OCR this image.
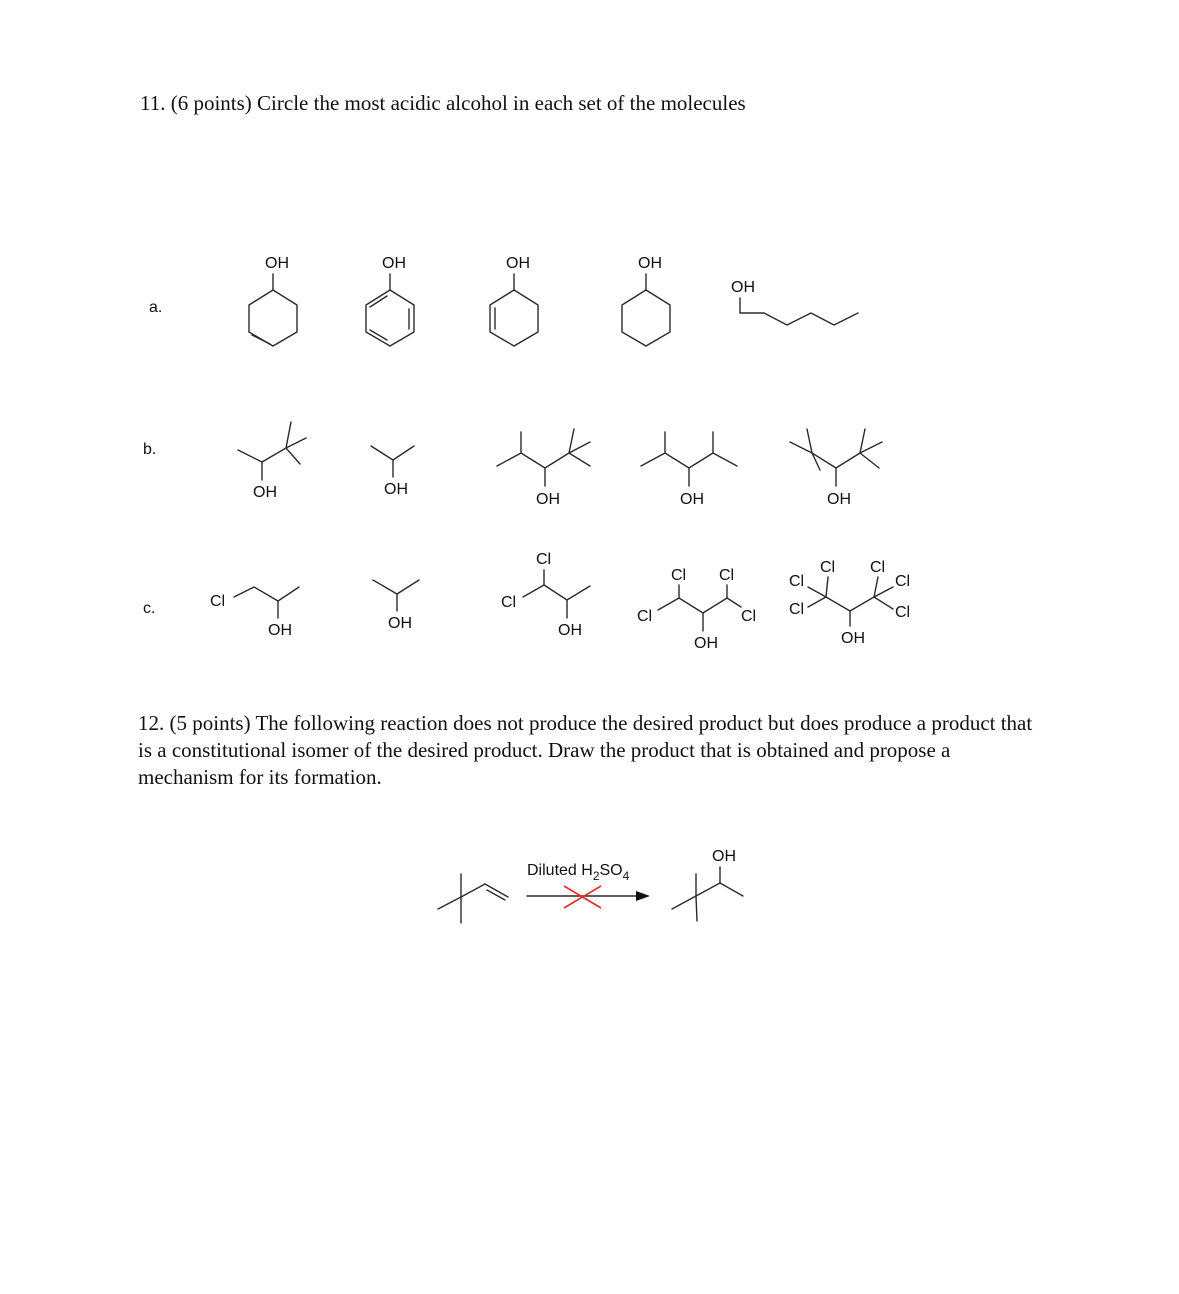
11. (6 points) Circle the most acidic alcohol in each set of the molecules
a.
b.
c.
12. (5 points) The following reaction does not produce the desired product but does produce a product that is a constitutional isomer of the desired product. Draw the product that is obtained and propose a mechanism for its formation.
OH	OH	OH	OH
OH
OH	OH
OH	OH	OH
Cl
OH	OH
Cl
Cl
OH
Cl Cl
Cl	Cl
OH
Cl Cl
Cl	Cl
Cl	Cl
OH
Diluted $H_2SO_4$
OH
